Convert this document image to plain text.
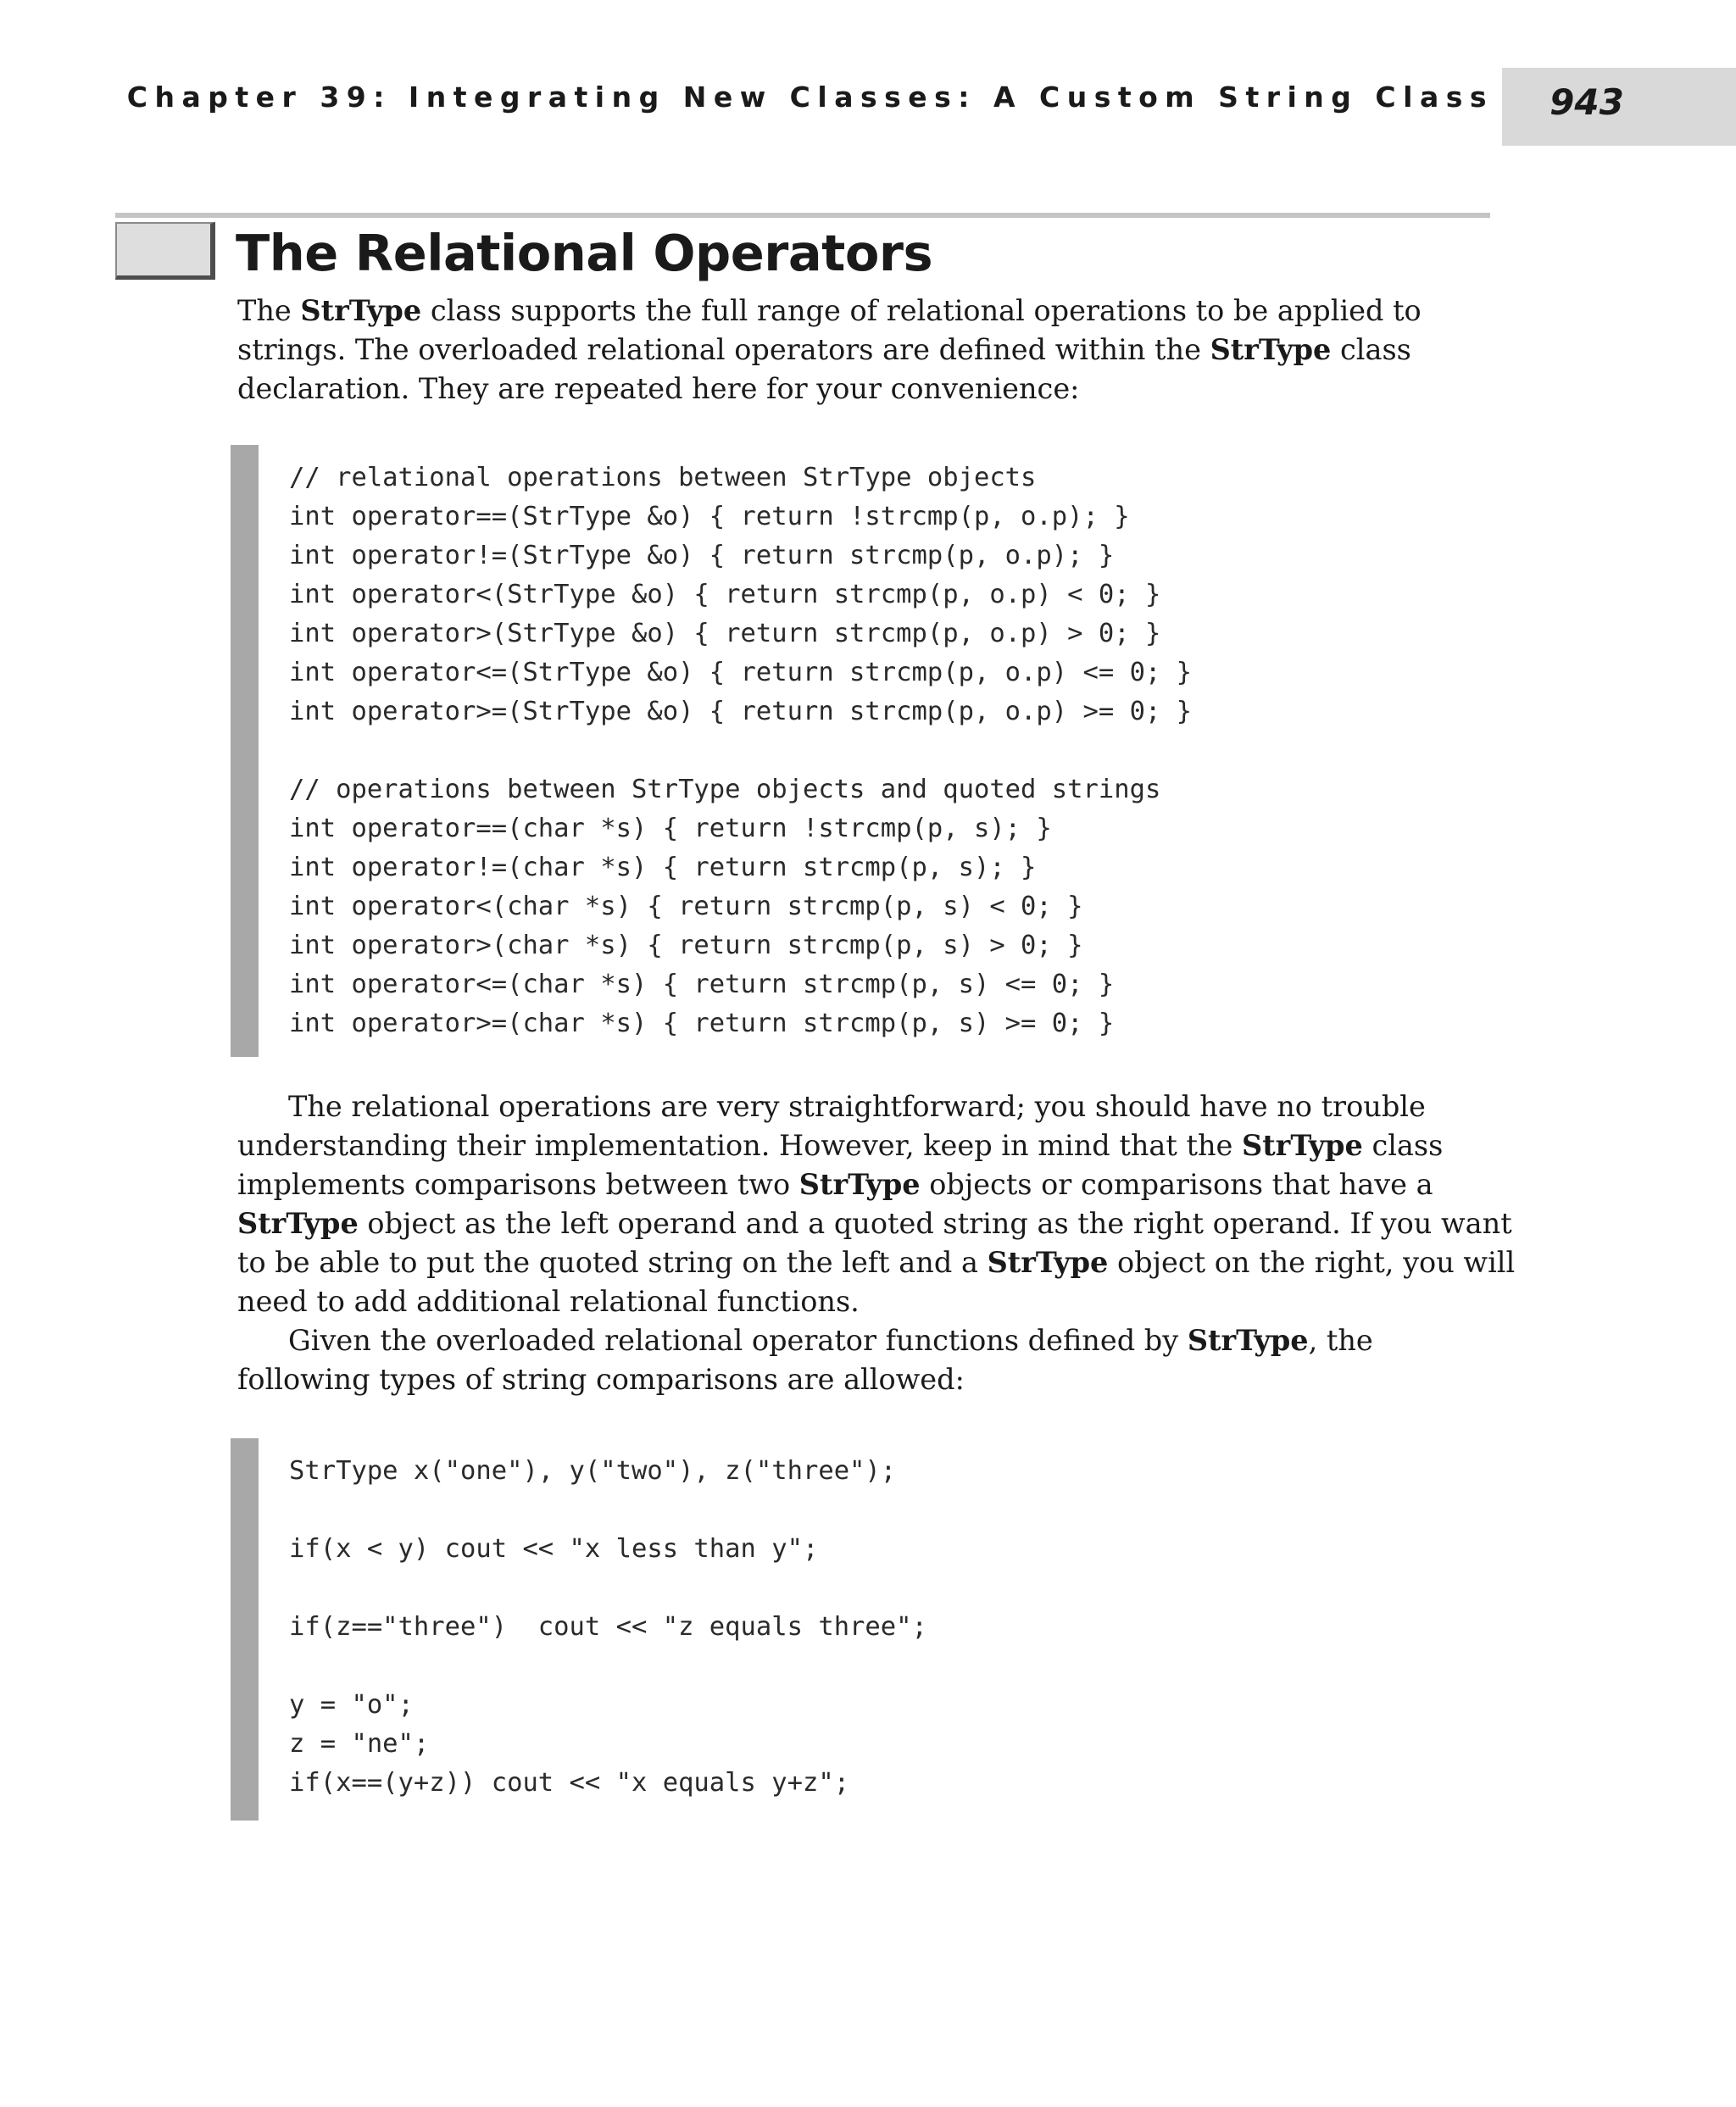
Chapter 39: Integrating New Classes: A Custom String Class	943
The Relational Operators

The StrType class supports the full range of relational operations to be applied to
strings. The overloaded relational operators are defined within the StrType class
declaration. They are repeated here for your convenience:

// relational operations between StrType objects
int operator==(StrType &o) { return !strcmp(p, o.p); }
int operator!=(StrType &o) { return strcmp(p, o.p); }
int operator<(StrType &o) { return strcmp(p, o.p) < 0; }
int operator>(StrType &o) { return strcmp(p, o.p) > 0; }
int operator<=(StrType &o) { return strcmp(p, o.p) <= 0; }
int operator>=(StrType &o) { return strcmp(p, o.p) >= 0; }
// operations between StrType objects and quoted strings
int operator==(char *s) { return !strcmp(p, s); }
int operator!=(char *s) { return strcmp(p, s); }
int operator<(char *s) { return strcmp(p, s) < 0; }
int operator>(char *s) { return strcmp(p, s) > 0; }
int operator<=(char *s) { return strcmp(p, s) <= 0; }
int operator>=(char *s) { return strcmp(p, s) >= 0; }

The relational operations are very straightforward; you should have no trouble
understanding their implementation. However, keep in mind that the StrType class
implements comparisons between two StrType objects or comparisons that have a
StrType object as the left operand and a quoted string as the right operand. If you want
to be able to put the quoted string on the left and a StrType object on the right, you will
need to add additional relational functions.

Given the overloaded relational operator functions defined by StrType, the
following types of string comparisons are allowed:

StrType x("one"), y("two"), z("three");
if(x < y) cout << "x less than y";
if(z=="three")  cout << "z equals three";
y = "o";
z = "ne";
if(x==(y+z)) cout << "x equals y+z";
